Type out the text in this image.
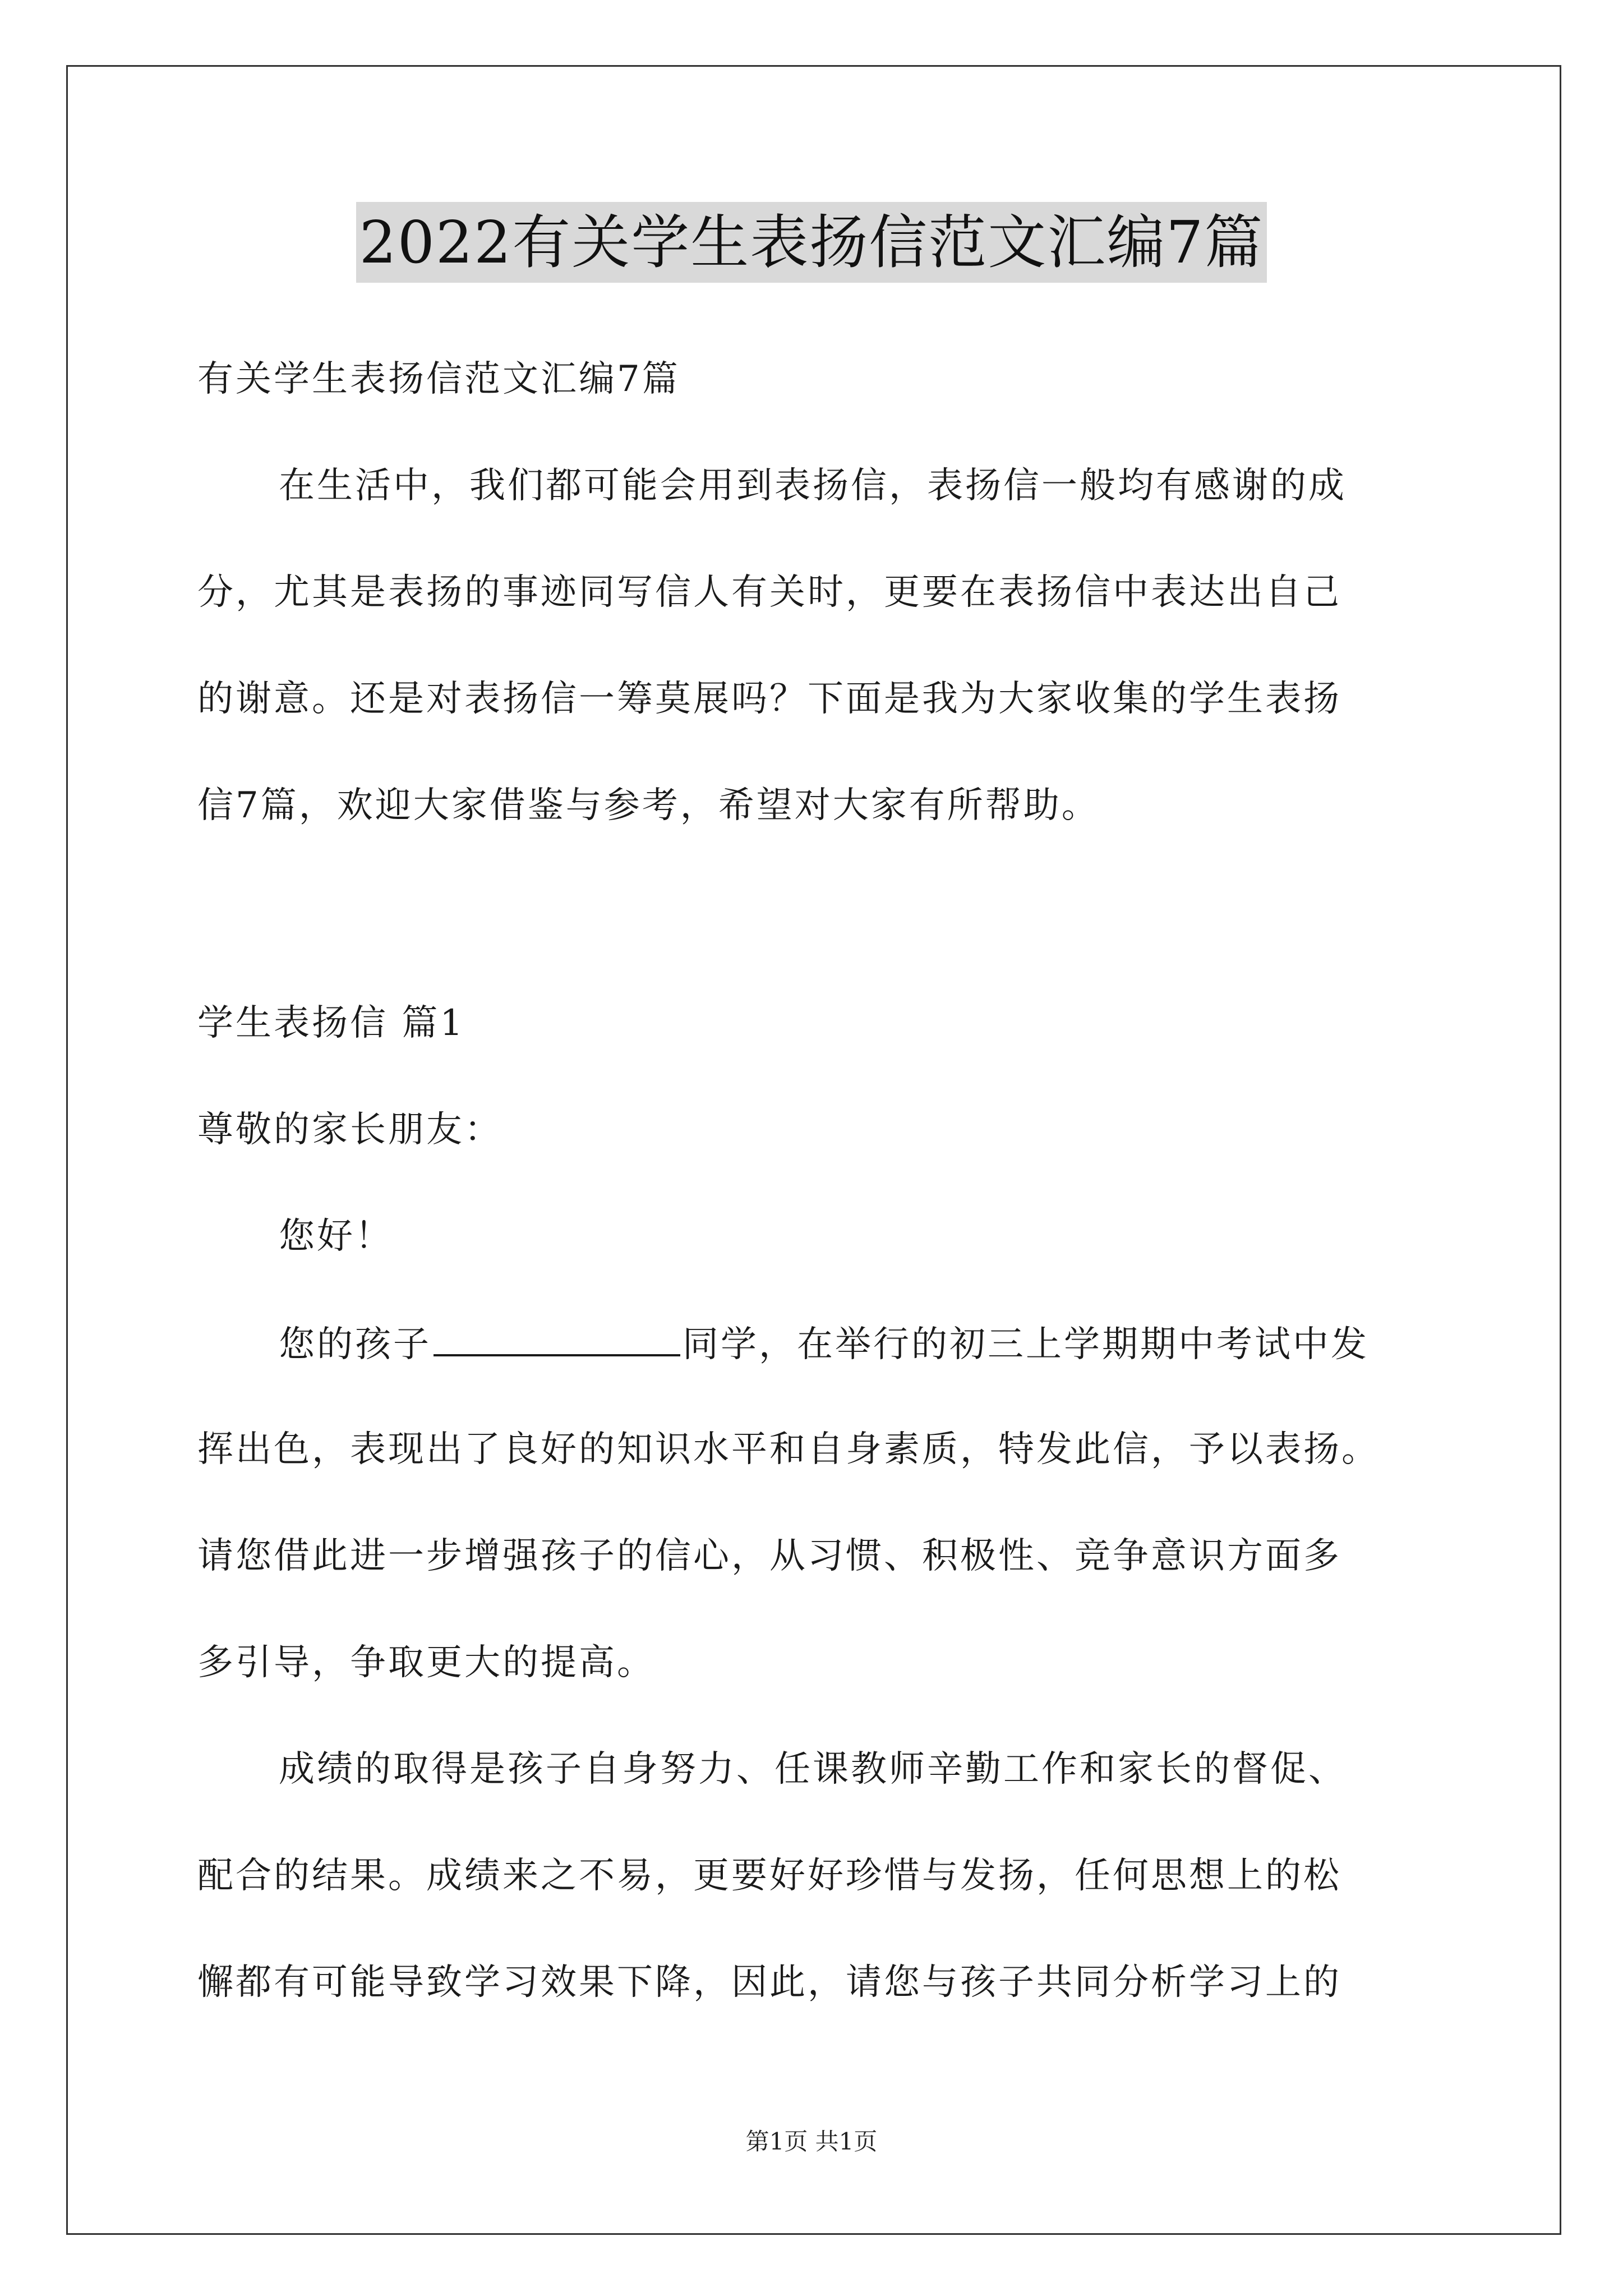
2022有关学生表扬信范文汇编7篇
有关学生表扬信范文汇编7篇
在生活中，我们都可能会用到表扬信，表扬信一般均有感谢的成
分，尤其是表扬的事迹同写信人有关时，更要在表扬信中表达出自己
的谢意。还是对表扬信一筹莫展吗？下面是我为大家收集的学生表扬
信7篇，欢迎大家借鉴与参考，希望对大家有所帮助。
学生表扬信 篇1
尊敬的家长朋友：
您好！
您的孩子	同学，在举行的初三上学期期中考试中发
挥出色，表现出了良好的知识水平和自身素质，特发此信，予以表扬。
请您借此进一步增强孩子的信心，从习惯、积极性、竞争意识方面多
多引导，争取更大的提高。
成绩的取得是孩子自身努力、任课教师辛勤工作和家长的督促、
配合的结果。成绩来之不易，更要好好珍惜与发扬，任何思想上的松
懈都有可能导致学习效果下降，因此，请您与孩子共同分析学习上的
第1页 共1页
